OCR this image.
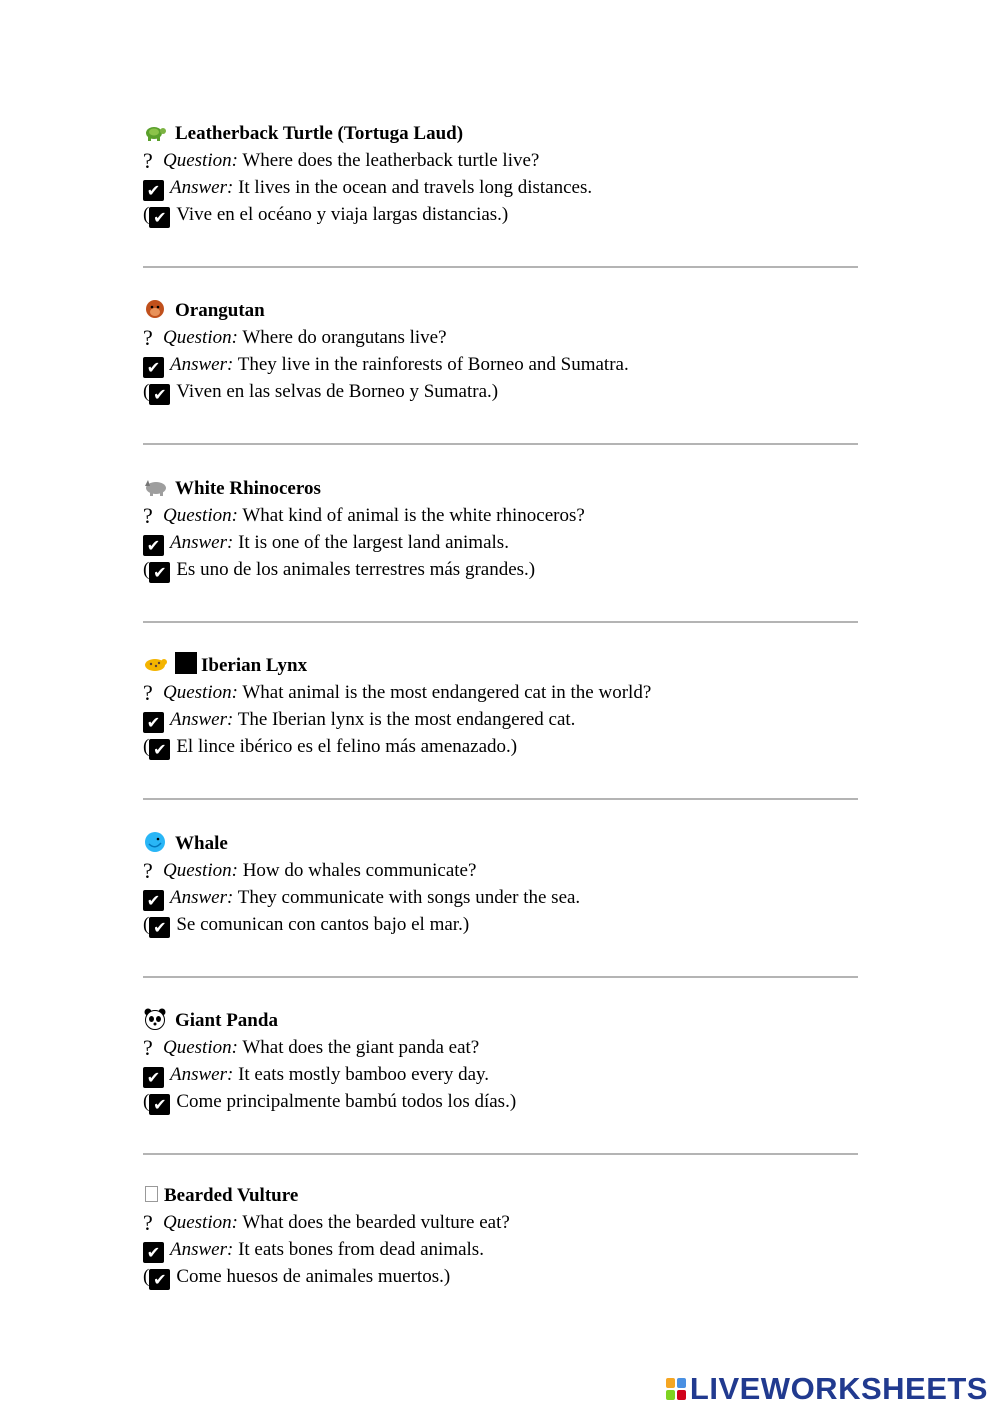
Leatherback Turtle (Tortuga Laud)
? Question: Where does the leatherback turtle live?
✔ Answer: It lives in the ocean and travels long distances.
( ✔ Vive en el océano y viaja largas distancias.)
Orangutan
? Question: Where do orangutans live?
✔ Answer: They live in the rainforests of Borneo and Sumatra.
( ✔ Viven en las selvas de Borneo y Sumatra.)
White Rhinoceros
? Question: What kind of animal is the white rhinoceros?
✔ Answer: It is one of the largest land animals.
( ✔ Es uno de los animales terrestres más grandes.)
Iberian Lynx
? Question: What animal is the most endangered cat in the world?
✔ Answer: The Iberian lynx is the most endangered cat.
( ✔ El lince ibérico es el felino más amenazado.)
Whale
? Question: How do whales communicate?
✔ Answer: They communicate with songs under the sea.
( ✔ Se comunican con cantos bajo el mar.)
Giant Panda
? Question: What does the giant panda eat?
✔ Answer: It eats mostly bamboo every day.
( ✔ Come principalmente bambú todos los días.)
Bearded Vulture
? Question: What does the bearded vulture eat?
✔ Answer: It eats bones from dead animals.
( ✔ Come huesos de animales muertos.)
LIVEWORKSHEETS
